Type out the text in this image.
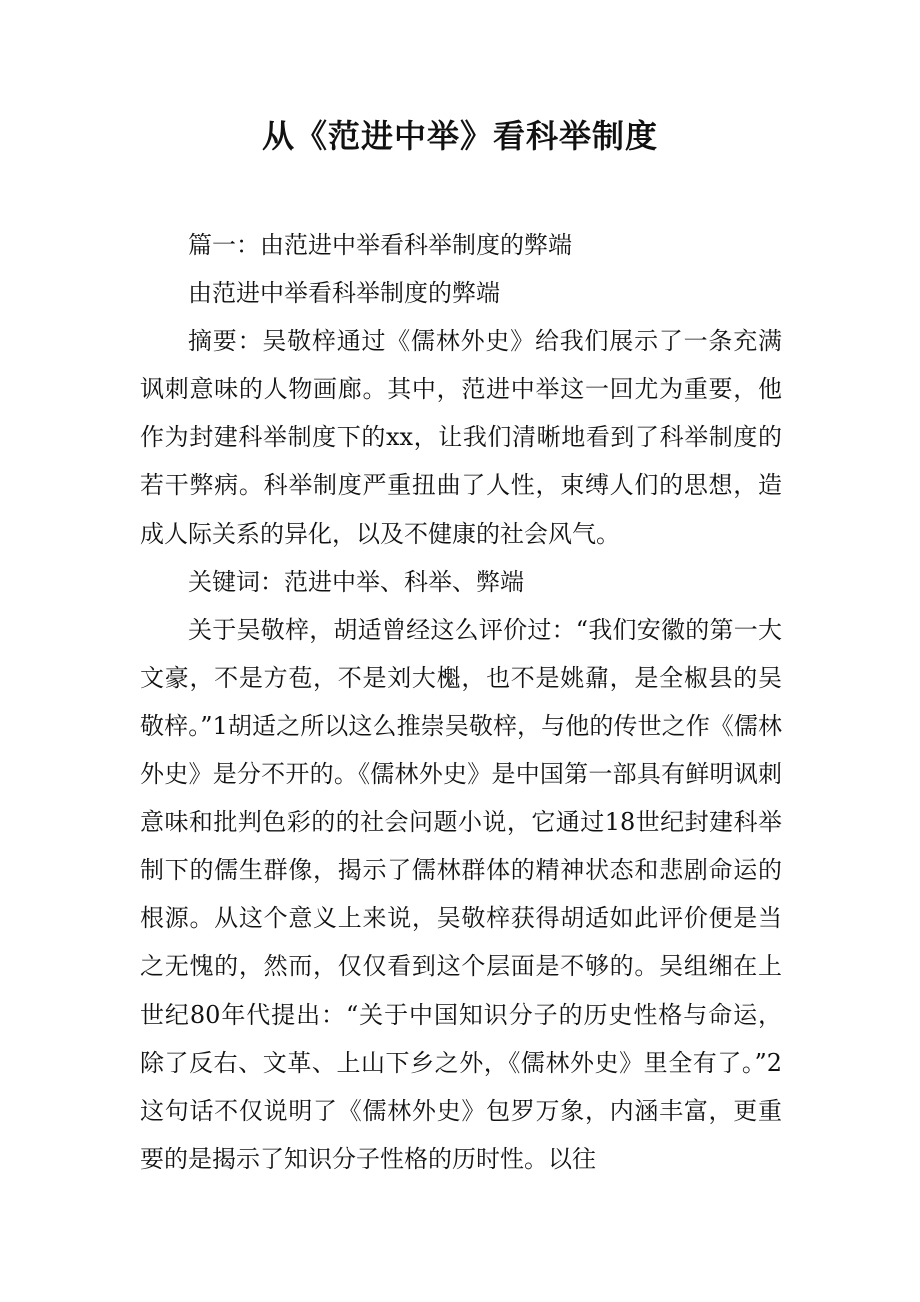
从《范进中举》看科举制度

篇一：由范进中举看科举制度的弊端

由范进中举看科举制度的弊端

摘要：吴敬梓通过《儒林外史》给我们展示了一条充满讽刺意味的人物画廊。其中，范进中举这一回尤为重要，他作为封建科举制度下的xx，让我们清晰地看到了科举制度的若干弊病。科举制度严重扭曲了人性，束缚人们的思想，造成人际关系的异化，以及不健康的社会风气。

关键词：范进中举、科举、弊端

关于吴敬梓，胡适曾经这么评价过：“我们安徽的第一大文豪，不是方苞，不是刘大櫆，也不是姚鼐，是全椒县的吴敬梓。”1胡适之所以这么推崇吴敬梓，与他的传世之作《儒林外史》是分不开的。《儒林外史》是中国第一部具有鲜明讽刺意味和批判色彩的的社会问题小说，它通过18世纪封建科举制下的儒生群像，揭示了儒林群体的精神状态和悲剧命运的根源。从这个意义上来说，吴敬梓获得胡适如此评价便是当之无愧的，然而，仅仅看到这个层面是不够的。吴组缃在上世纪80年代提出：“关于中国知识分子的历史性格与命运，除了反右、文革、上山下乡之外，《儒林外史》里全有了。”2这句话不仅说明了《儒林外史》包罗万象，内涵丰富，更重要的是揭示了知识分子性格的历时性。以往
